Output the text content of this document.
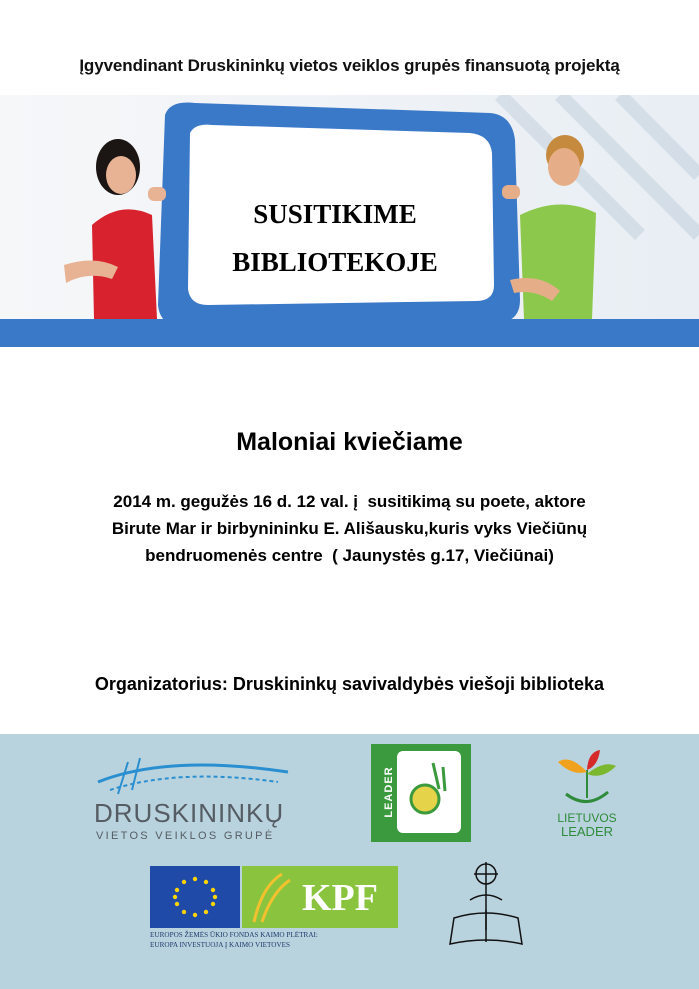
Įgyvendinant Druskininkų vietos veiklos grupės finansuotą projektą
SUSITIKIME
BIBLIOTEKOJE
Maloniai kviečiame
2014 m. gegužės 16 d. 12 val. į  susitikimą su poete, aktore
Birute Mar ir birbynininku E. Ališausku,kuris vyks Viečiūnų
bendruomenės centre  ( Jaunystės g.17, Viečiūnai)
Organizatorius: Druskininkų savivaldybės viešoji biblioteka
DRUSKININKŲ
VIETOS VEIKLOS GRUPĖ
LEADER
LIETUVOS
LEADER
KPF
EUROPOS ŽEMĖS ŪKIO FONDAS KAIMO PLĖTRAI:
EUROPA INVESTUOJA Į KAIMO VIETOVES
